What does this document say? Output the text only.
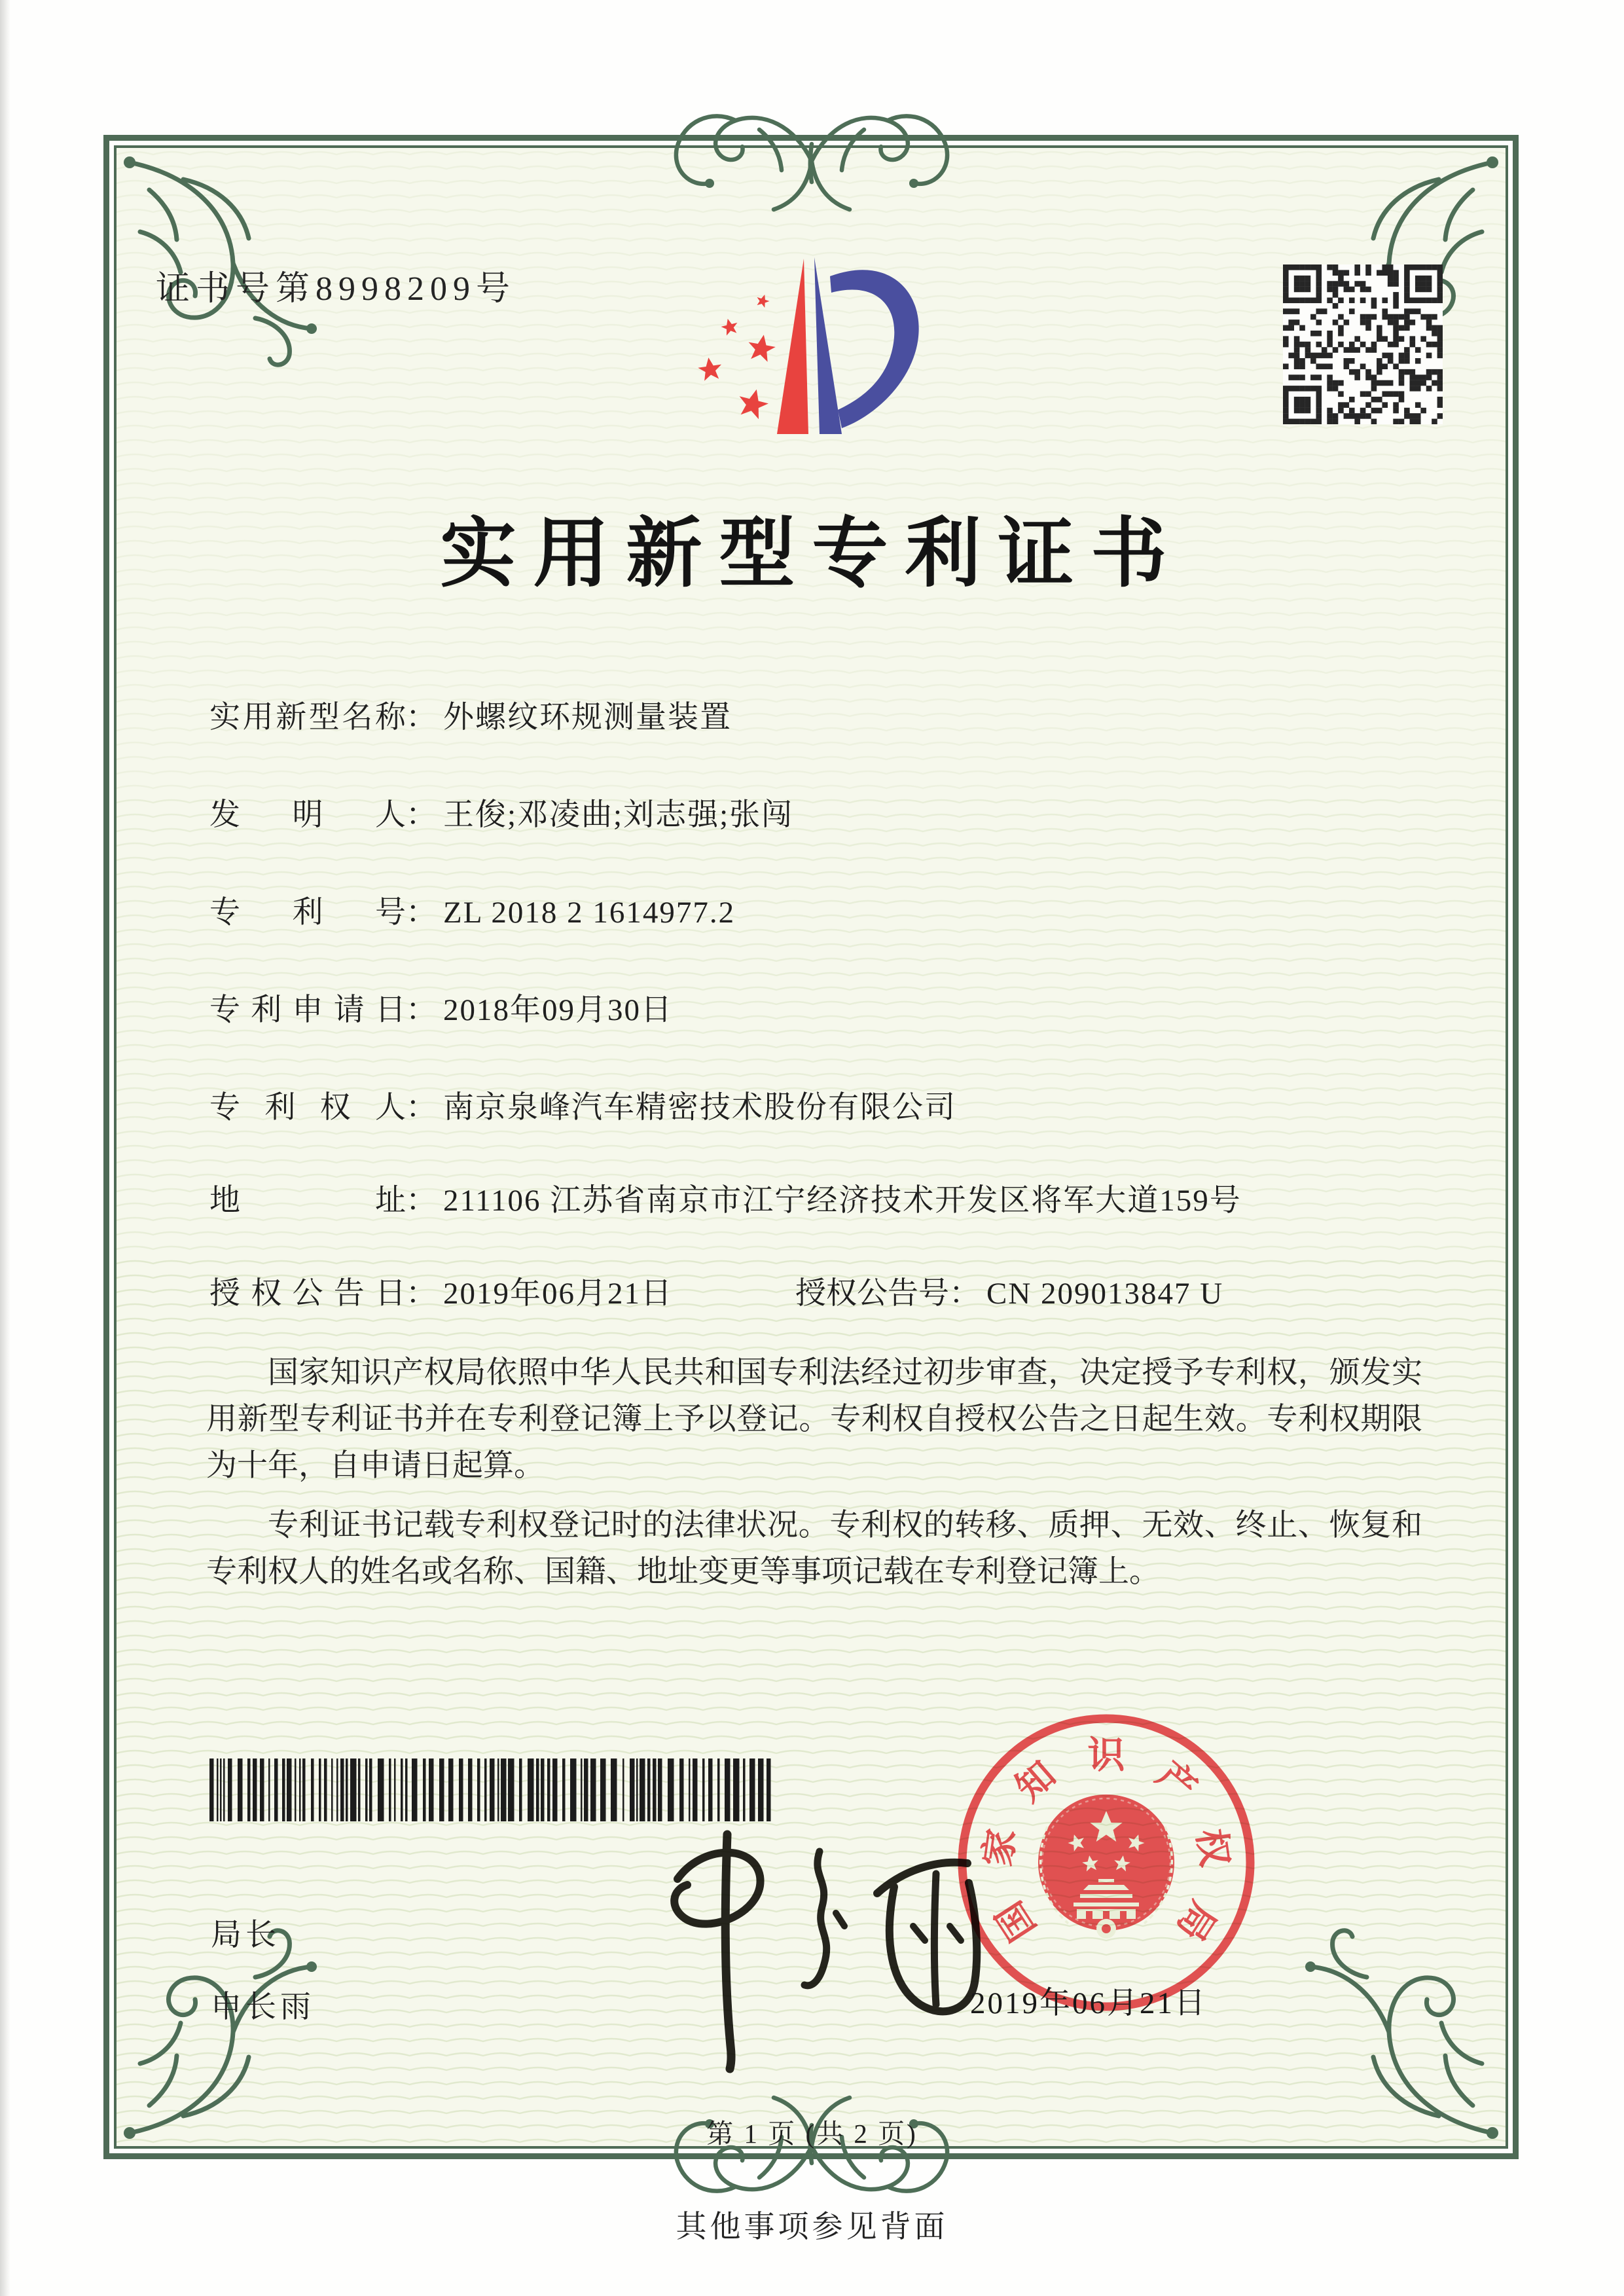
证书号第8998209号
实用新型专利证书
实用新型名称： 外螺纹环规测量装置
发明人： 王俊;邓凌曲;刘志强;张闯
专利号： ZL 2018 2 1614977.2
专利申请日： 2018年09月30日
专利权人： 南京泉峰汽车精密技术股份有限公司
地址： 211106 江苏省南京市江宁经济技术开发区将军大道159号
授权公告日： 2019年06月21日	授权公告号： CN 209013847 U

国家知识产权局依照中华人民共和国专利法经过初步审查，决定授予专利权，颁发实用新型专利证书并在专利登记簿上予以登记。专利权自授权公告之日起生效。专利权期限为十年，自申请日起算。

专利证书记载专利权登记时的法律状况。专利权的转移、质押、无效、终止、恢复和专利权人的姓名或名称、国籍、地址变更等事项记载在专利登记簿上。

局长
申长雨
国
家
知 识 产
权
局
2019年06月21日
第 1 页 (共 2 页)
其他事项参见背面
